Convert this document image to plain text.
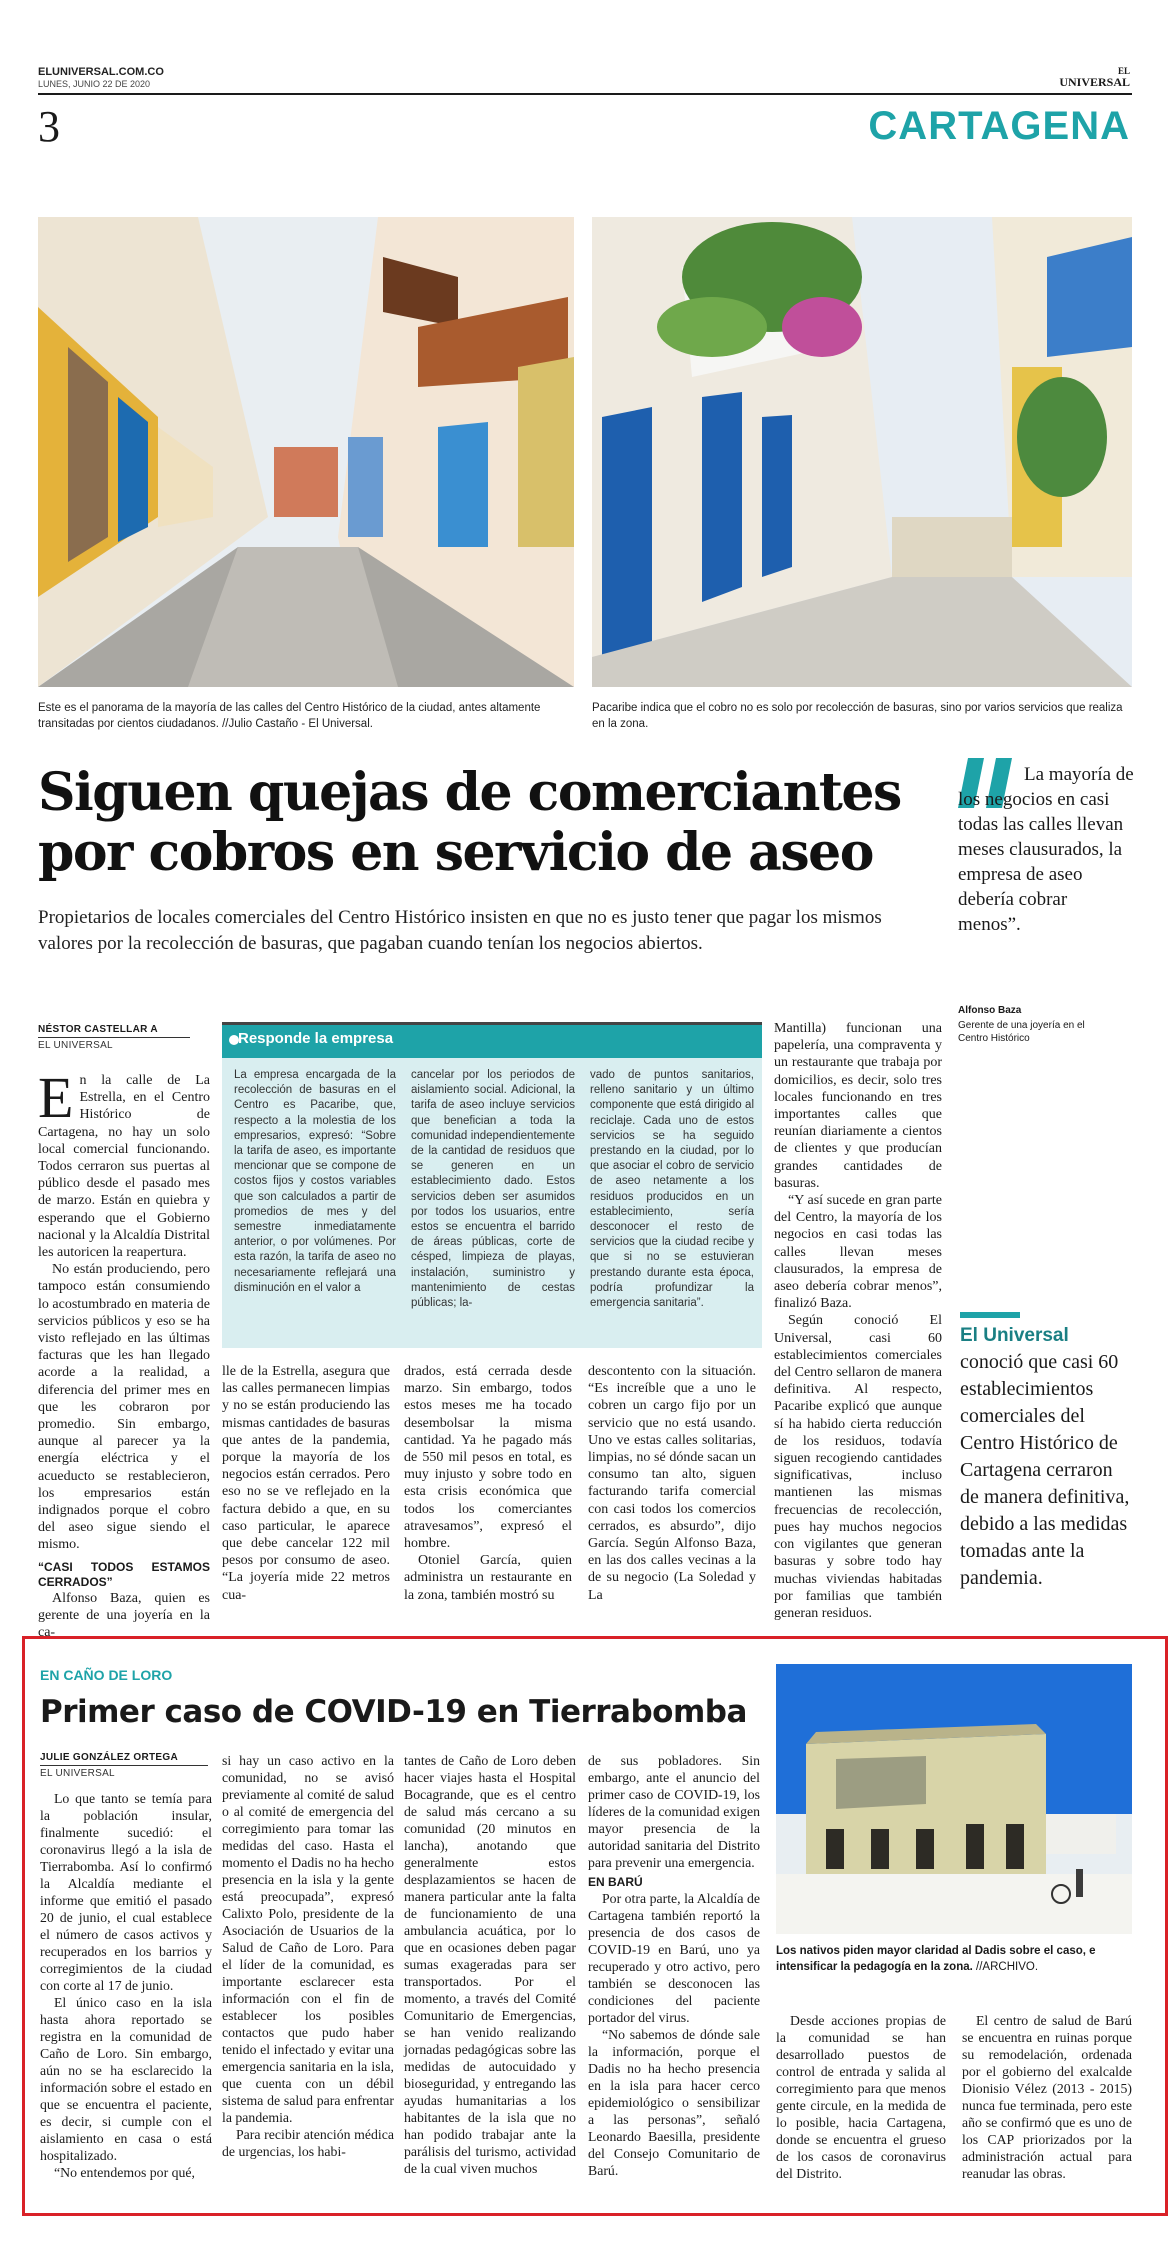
ELUNIVERSAL.COM.CO
LUNES, JUNIO 22 DE 2020
EL
UNIVERSAL
3	CARTAGENA
Este es el panorama de la mayoría de las calles del Centro Histórico de la ciudad, antes altamente transitadas por cientos ciudadanos. //Julio Castaño - El Universal.
Pacaribe indica que el cobro no es solo por recolección de basuras, sino por varios servicios que realiza en la zona.
Siguen quejas de comerciantes por cobros en servicio de aseo

Propietarios de locales comerciales del Centro Histórico insisten en que no es justo tener que pagar los mismos valores por la recolección de basuras, que pagaban cuando tenían los negocios abiertos.

La mayoría de los negocios en casi todas las calles llevan meses clausurados, la empresa de aseo debería cobrar menos”.

Alfonso Baza
Gerente de una joyería en el Centro Histórico
NÉSTOR CASTELLAR A
EL UNIVERSAL

En la calle de La Estrella, en el Centro Histórico de Cartagena, no hay un solo local comercial funcionando. Todos cerraron sus puertas al público desde el pasado mes de marzo. Están en quiebra y esperando que el Gobierno nacional y la Alcaldía Distrital les autoricen la reapertura.

No están produciendo, pero tampoco están consumiendo lo acostumbrado en materia de servicios públicos y eso se ha visto reflejado en las últimas facturas que les han llegado acorde a la realidad, a diferencia del primer mes en que les cobraron por promedio. Sin embargo, aunque al parecer ya la energía eléctrica y el acueducto se restablecieron, los empresarios están indignados porque el cobro del aseo sigue siendo el mismo.

“CASI TODOS ESTAMOS CERRADOS”

Alfonso Baza, quien es gerente de una joyería en la ca-

Responde la empresa
La empresa encargada de la recolección de basuras en el Centro es Pacaribe, que, respecto a la molestia de los empresarios, expresó: “Sobre la tarifa de aseo, es importante mencionar que se compone de costos fijos y costos variables que son calculados a partir de promedios de mes y del semestre inmediatamente anterior, o por volúmenes. Por esta razón, la tarifa de aseo no necesariamente reflejará una disminución en el valor a
cancelar por los periodos de aislamiento social. Adicional, la tarifa de aseo incluye servicios que benefician a toda la comunidad independientemente de la cantidad de residuos que se generen en un establecimiento dado. Estos servicios deben ser asumidos por todos los usuarios, entre estos se encuentra el barrido de áreas públicas, corte de césped, limpieza de playas, instalación, suministro y mantenimiento de cestas públicas; la-
vado de puntos sanitarios, relleno sanitario y un último componente que está dirigido al reciclaje. Cada uno de estos servicios se ha seguido prestando en la ciudad, por lo que asociar el cobro de servicio de aseo netamente a los residuos producidos en un establecimiento, sería desconocer el resto de servicios que la ciudad recibe y que si no se estuvieran prestando durante esta época, podría profundizar la emergencia sanitaria”.

lle de la Estrella, asegura que las calles permanecen limpias y no se están produciendo las mismas cantidades de basuras que antes de la pandemia, porque la mayoría de los negocios están cerrados. Pero eso no se ve reflejado en la factura debido a que, en su caso particular, le aparece que debe cancelar 122 mil pesos por consumo de aseo. “La joyería mide 22 metros cua-

drados, está cerrada desde marzo. Sin embargo, todos estos meses me ha tocado desembolsar la misma cantidad. Ya he pagado más de 550 mil pesos en total, es muy injusto y sobre todo en esta crisis económica que todos los comerciantes atravesamos”, expresó el hombre.

Otoniel García, quien administra un restaurante en la zona, también mostró su

descontento con la situación. “Es increíble que a uno le cobren un cargo fijo por un servicio que no está usando. Uno ve estas calles solitarias, limpias, no sé dónde sacan un consumo tan alto, siguen facturando tarifa comercial con casi todos los comercios cerrados, es absurdo”, dijo García. Según Alfonso Baza, en las dos calles vecinas a la de su negocio (La Soledad y La

Mantilla) funcionan una papelería, una compraventa y un restaurante que trabaja por domicilios, es decir, solo tres locales funcionando en tres importantes calles que reunían diariamente a cientos de clientes y que producían grandes cantidades de basuras.

“Y así sucede en gran parte del Centro, la mayoría de los negocios en casi todas las calles llevan meses clausurados, la empresa de aseo debería cobrar menos”, finalizó Baza.

Según conoció El Universal, casi 60 establecimientos comerciales del Centro sellaron de manera definitiva. Al respecto, Pacaribe explicó que aunque sí ha habido cierta reducción de los residuos, todavía siguen recogiendo cantidades significativas, incluso mantienen las mismas frecuencias de recolección, pues hay muchos negocios con vigilantes que generan basuras y sobre todo hay muchas viviendas habitadas por familias que también generan residuos.

El Universal conoció que casi 60 establecimientos comerciales del Centro Histórico de Cartagena cerraron de manera definitiva, debido a las medidas tomadas ante la pandemia.
EN CAÑO DE LORO
Primer caso de COVID-19 en Tierrabomba
JULIE GONZÁLEZ ORTEGA
EL UNIVERSAL

Lo que tanto se temía para la población insular, finalmente sucedió: el coronavirus llegó a la isla de Tierrabomba. Así lo confirmó la Alcaldía mediante el informe que emitió el pasado 20 de junio, el cual establece el número de casos activos y recuperados en los barrios y corregimientos de la ciudad con corte al 17 de junio.

El único caso en la isla hasta ahora reportado se registra en la comunidad de Caño de Loro. Sin embargo, aún no se ha esclarecido la información sobre el estado en que se encuentra el paciente, es decir, si cumple con el aislamiento en casa o está hospitalizado.

“No entendemos por qué,

si hay un caso activo en la comunidad, no se avisó previamente al comité de salud o al comité de emergencia del corregimiento para tomar las medidas del caso. Hasta el momento el Dadis no ha hecho presencia en la isla y la gente está preocupada”, expresó Calixto Polo, presidente de la Asociación de Usuarios de la Salud de Caño de Loro. Para el líder de la comunidad, es importante esclarecer esta información con el fin de establecer los posibles contactos que pudo haber tenido el infectado y evitar una emergencia sanitaria en la isla, que cuenta con un débil sistema de salud para enfrentar la pandemia.

Para recibir atención médica de urgencias, los habi-

tantes de Caño de Loro deben hacer viajes hasta el Hospital Bocagrande, que es el centro de salud más cercano a su comunidad (20 minutos en lancha), anotando que generalmente estos desplazamientos se hacen de manera particular ante la falta de funcionamiento de una ambulancia acuática, por lo que en ocasiones deben pagar sumas exageradas para ser transportados. Por el momento, a través del Comité Comunitario de Emergencias, se han venido realizando jornadas pedagógicas sobre las medidas de autocuidado y bioseguridad, y entregando las ayudas humanitarias a los habitantes de la isla que no han podido trabajar ante la parálisis del turismo, actividad de la cual viven muchos

de sus pobladores. Sin embargo, ante el anuncio del primer caso de COVID-19, los líderes de la comunidad exigen mayor presencia de la autoridad sanitaria del Distrito para prevenir una emergencia.

EN BARÚ

Por otra parte, la Alcaldía de Cartagena también reportó la presencia de dos casos de COVID-19 en Barú, uno ya recuperado y otro activo, pero también se desconocen las condiciones del paciente portador del virus.

“No sabemos de dónde sale la información, porque el Dadis no ha hecho presencia en la isla para hacer cerco epidemiológico o sensibilizar a las personas”, señaló Leonardo Baesilla, presidente del Consejo Comunitario de Barú.

Los nativos piden mayor claridad al Dadis sobre el caso, e intensificar la pedagogía en la zona. //ARCHIVO.

Desde acciones propias de la comunidad se han desarrollado puestos de control de entrada y salida al corregimiento para que menos gente circule, en la medida de lo posible, hacia Cartagena, donde se encuentra el grueso de los casos de coronavirus del Distrito.

El centro de salud de Barú se encuentra en ruinas porque su remodelación, ordenada por el gobierno del exalcalde Dionisio Vélez (2013 - 2015) nunca fue terminada, pero este año se confirmó que es uno de los CAP priorizados por la administración actual para reanudar las obras.
